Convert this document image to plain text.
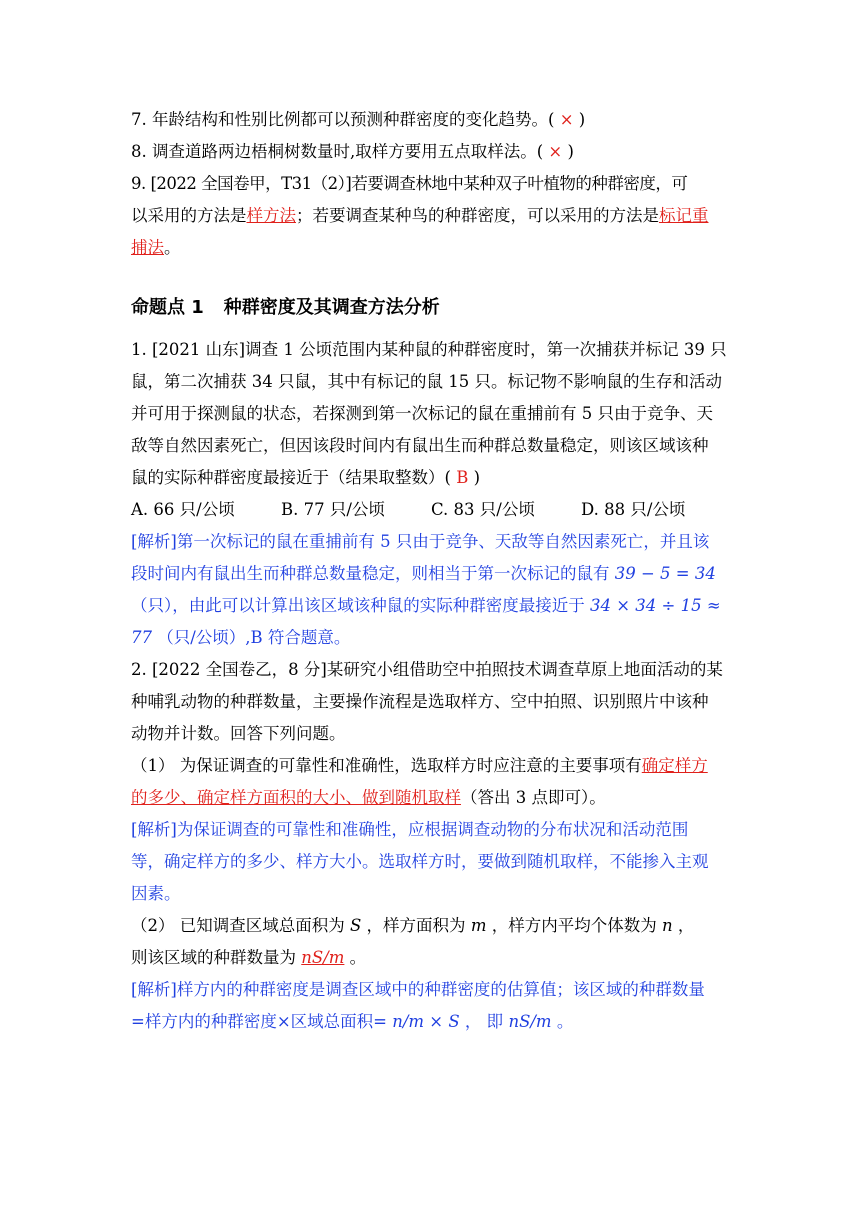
7. 年龄结构和性别比例都可以预测种群密度的变化趋势。( × )
8. 调查道路两边梧桐树数量时,取样方要用五点取样法。( × )
9. [2022 全国卷甲，T31（2）]若要调查林地中某种双子叶植物的种群密度，可
以采用的方法是样方法；若要调查某种鸟的种群密度，可以采用的方法是标记重
捕法。
命题点 1 种群密度及其调查方法分析
1. [2021 山东]调查 1 公顷范围内某种鼠的种群密度时，第一次捕获并标记 39 只
鼠，第二次捕获 34 只鼠，其中有标记的鼠 15 只。标记物不影响鼠的生存和活动
并可用于探测鼠的状态，若探测到第一次标记的鼠在重捕前有 5 只由于竞争、天
敌等自然因素死亡，但因该段时间内有鼠出生而种群总数量稳定，则该区域该种
鼠的实际种群密度最接近于（结果取整数）( B )
A. 66 只/公顷	B. 77 只/公顷	C. 83 只/公顷	D. 88 只/公顷
[解析]第一次标记的鼠在重捕前有 5 只由于竞争、天敌等自然因素死亡，并且该
段时间内有鼠出生而种群总数量稳定，则相当于第一次标记的鼠有 39 − 5 = 34
（只），由此可以计算出该区域该种鼠的实际种群密度最接近于 34 × 34 ÷ 15 ≈
77 （只/公顷）,B 符合题意。
2. [2022 全国卷乙，8 分]某研究小组借助空中拍照技术调查草原上地面活动的某
种哺乳动物的种群数量，主要操作流程是选取样方、空中拍照、识别照片中该种
动物并计数。回答下列问题。
（1） 为保证调查的可靠性和准确性，选取样方时应注意的主要事项有确定样方
的多少、确定样方面积的大小、做到随机取样（答出 3 点即可）。
[解析]为保证调查的可靠性和准确性，应根据调查动物的分布状况和活动范围
等，确定样方的多少、样方大小。选取样方时，要做到随机取样，不能掺入主观
因素。
（2） 已知调查区域总面积为 S ，样方面积为 m ，样方内平均个体数为 n ，
则该区域的种群数量为 nS/m 。
[解析]样方内的种群密度是调查区域中的种群密度的估算值；该区域的种群数量
=样方内的种群密度×区域总面积= n/m × S ， 即 nS/m 。
